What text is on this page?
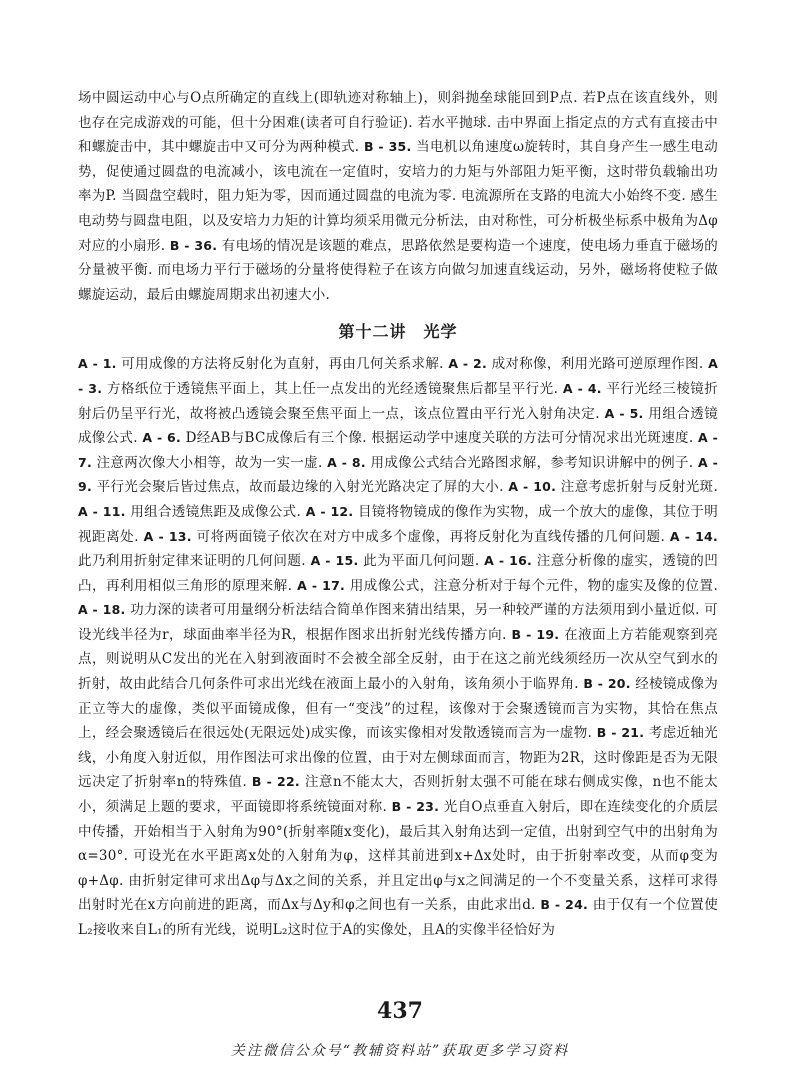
场中圆运动中心与O点所确定的直线上(即轨迹对称轴上)，则斜抛垒球能回到P点. 若P点在该直线外，则也存在完成游戏的可能，但十分困难(读者可自行验证). 若水平抛球. 击中界面上指定点的方式有直接击中和螺旋击中，其中螺旋击中又可分为两种模式. B - 35. 当电机以角速度ω旋转时，其自身产生一感生电动势，促使通过圆盘的电流减小，该电流在一定值时，安培力的力矩与外部阻力矩平衡，这时带负载输出功率为P. 当圆盘空载时，阻力矩为零，因而通过圆盘的电流为零. 电流源所在支路的电流大小始终不变. 感生电动势与圆盘电阻，以及安培力力矩的计算均须采用微元分析法，由对称性，可分析极坐标系中极角为Δφ对应的小扇形. B - 36. 有电场的情况是该题的难点，思路依然是要构造一个速度，使电场力垂直于磁场的分量被平衡. 而电场力平行于磁场的分量将使得粒子在该方向做匀加速直线运动，另外，磁场将使粒子做螺旋运动，最后由螺旋周期求出初速大小.

第十二讲　光学

A - 1. 可用成像的方法将反射化为直射，再由几何关系求解. A - 2. 成对称像，利用光路可逆原理作图. A - 3. 方格纸位于透镜焦平面上，其上任一点发出的光经透镜聚焦后都呈平行光. A - 4. 平行光经三棱镜折射后仍呈平行光，故将被凸透镜会聚至焦平面上一点，该点位置由平行光入射角决定. A - 5. 用组合透镜成像公式. A - 6. D经AB与BC成像后有三个像. 根据运动学中速度关联的方法可分情况求出光斑速度. A - 7. 注意两次像大小相等，故为一实一虚. A - 8. 用成像公式结合光路图求解，参考知识讲解中的例子. A - 9. 平行光会聚后皆过焦点，故而最边缘的入射光光路决定了屏的大小. A - 10. 注意考虑折射与反射光斑. A - 11. 用组合透镜焦距及成像公式. A - 12. 目镜将物镜成的像作为实物，成一个放大的虚像，其位于明视距离处. A - 13. 可将两面镜子依次在对方中成多个虚像，再将反射化为直线传播的几何问题. A - 14. 此乃利用折射定律来证明的几何问题. A - 15. 此为平面几何问题. A - 16. 注意分析像的虚实，透镜的凹凸，再利用相似三角形的原理来解. A - 17. 用成像公式，注意分析对于每个元件，物的虚实及像的位置. A - 18. 功力深的读者可用量纲分析法结合简单作图来猜出结果，另一种较严谨的方法须用到小量近似. 可设光线半径为r，球面曲率半径为R，根据作图求出折射光线传播方向. B - 19. 在液面上方若能观察到亮点，则说明从C发出的光在入射到液面时不会被全部全反射，由于在这之前光线须经历一次从空气到水的折射，故由此结合几何条件可求出光线在液面上最小的入射角，该角须小于临界角. B - 20. 经棱镜成像为正立等大的虚像，类似平面镜成像，但有一“变浅”的过程，该像对于会聚透镜而言为实物，其恰在焦点上，经会聚透镜后在很远处(无限远处)成实像，而该实像相对发散透镜而言为一虚物. B - 21. 考虑近轴光线，小角度入射近似，用作图法可求出像的位置，由于对左侧球面而言，物距为2R，这时像距是否为无限远决定了折射率n的特殊值. B - 22. 注意n不能太大，否则折射太强不可能在球右侧成实像，n也不能太小，须满足上题的要求，平面镜即将系统镜面对称. B - 23. 光自O点垂直入射后，即在连续变化的介质层中传播，开始相当于入射角为90°(折射率随x变化)，最后其入射角达到一定值，出射到空气中的出射角为α=30°. 可设光在水平距离x处的入射角为φ，这样其前进到x+Δx处时，由于折射率改变，从而φ变为φ+Δφ. 由折射定律可求出Δφ与Δx之间的关系，并且定出φ与x之间满足的一个不变量关系，这样可求得出射时光在x方向前进的距离，而Δx与Δy和φ之间也有一关系，由此求出d. B - 24. 由于仅有一个位置使L₂接收来自L₁的所有光线，说明L₂这时位于A的实像处，且A的实像半径恰好为

437
关注微信公众号“教辅资料站”获取更多学习资料
